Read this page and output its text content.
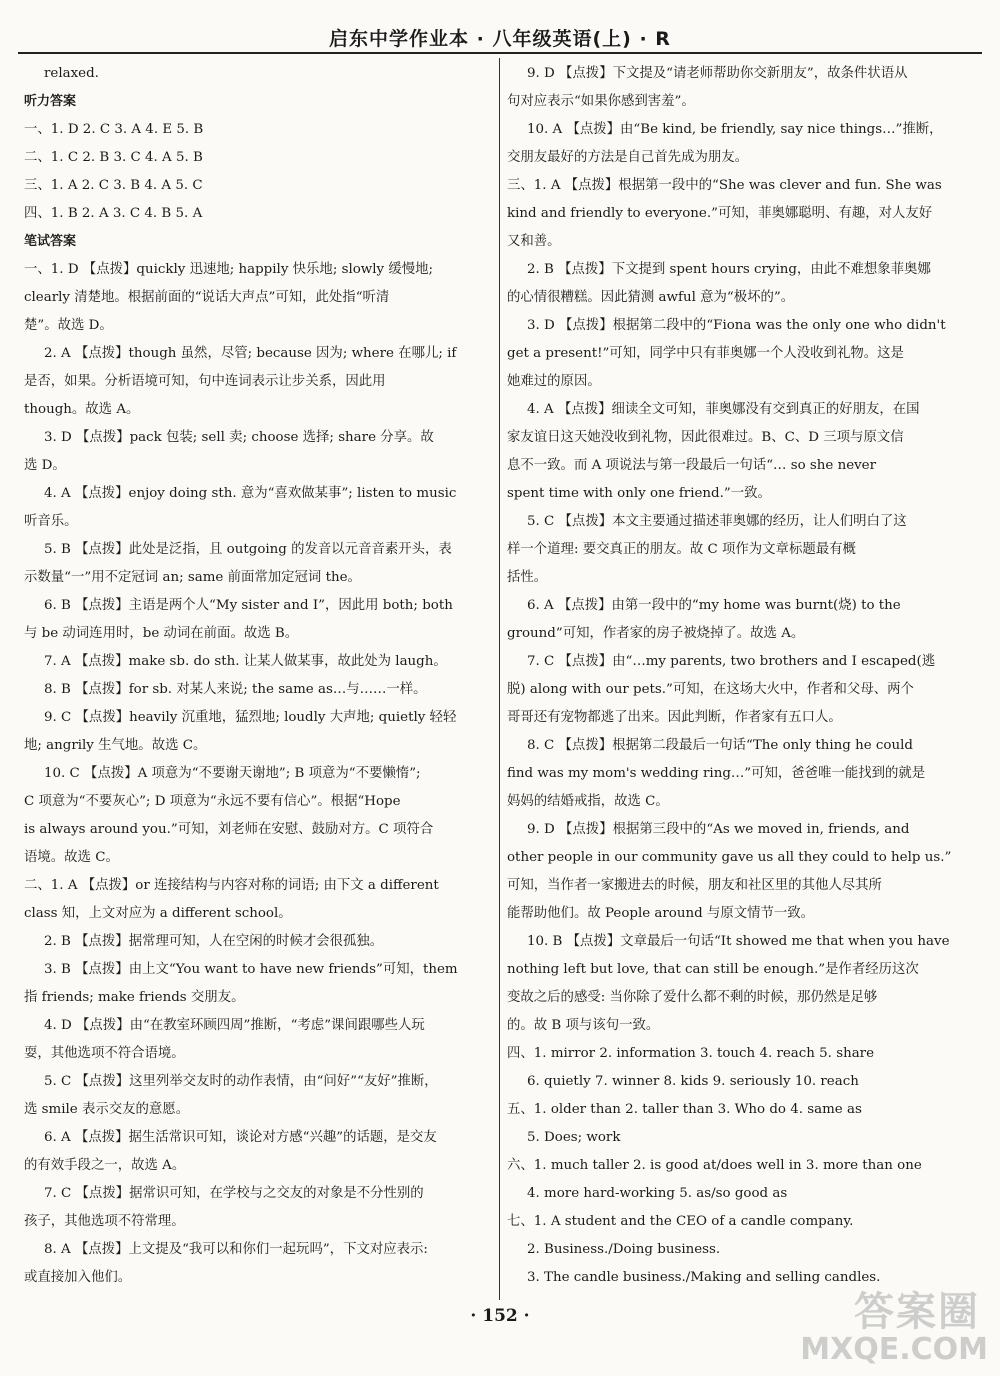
启东中学作业本 · 八年级英语(上) · R
relaxed.
听力答案
一、1. D 2. C 3. A 4. E 5. B
二、1. C 2. B 3. C 4. A 5. B
三、1. A 2. C 3. B 4. A 5. C
四、1. B 2. A 3. C 4. B 5. A
笔试答案
一、1. D 【点拨】quickly 迅速地; happily 快乐地; slowly 缓慢地;
clearly 清楚地。根据前面的“说话大声点”可知，此处指“听清
楚”。故选 D。
2. A 【点拨】though 虽然，尽管; because 因为; where 在哪儿; if
是否，如果。分析语境可知，句中连词表示让步关系，因此用
though。故选 A。
3. D 【点拨】pack 包装; sell 卖; choose 选择; share 分享。故
选 D。
4. A 【点拨】enjoy doing sth. 意为“喜欢做某事”; listen to music
听音乐。
5. B 【点拨】此处是泛指，且 outgoing 的发音以元音音素开头，表
示数量“一”用不定冠词 an; same 前面常加定冠词 the。
6. B 【点拨】主语是两个人“My sister and I”，因此用 both; both
与 be 动词连用时，be 动词在前面。故选 B。
7. A 【点拨】make sb. do sth. 让某人做某事，故此处为 laugh。
8. B 【点拨】for sb. 对某人来说; the same as…与……一样。
9. C 【点拨】heavily 沉重地，猛烈地; loudly 大声地; quietly 轻轻
地; angrily 生气地。故选 C。
10. C 【点拨】A 项意为“不要谢天谢地”; B 项意为“不要懒惰”;
C 项意为“不要灰心”; D 项意为“永远不要有信心”。根据“Hope
is always around you.”可知，刘老师在安慰、鼓励对方。C 项符合
语境。故选 C。
二、1. A 【点拨】or 连接结构与内容对称的词语; 由下文 a different
class 知，上文对应为 a different school。
2. B 【点拨】据常理可知，人在空闲的时候才会很孤独。
3. B 【点拨】由上文“You want to have new friends”可知，them
指 friends; make friends 交朋友。
4. D 【点拨】由“在教室环顾四周”推断，“考虑”课间跟哪些人玩
耍，其他选项不符合语境。
5. C 【点拨】这里列举交友时的动作表情，由“问好”“友好”推断，
选 smile 表示交友的意愿。
6. A 【点拨】据生活常识可知，谈论对方感“兴趣”的话题，是交友
的有效手段之一，故选 A。
7. C 【点拨】据常识可知，在学校与之交友的对象是不分性别的
孩子，其他选项不符常理。
8. A 【点拨】上文提及“我可以和你们一起玩吗”，下文对应表示:
或直接加入他们。
9. D 【点拨】下文提及“请老师帮助你交新朋友”，故条件状语从
句对应表示“如果你感到害羞”。
10. A 【点拨】由“Be kind, be friendly, say nice things…”推断，
交朋友最好的方法是自己首先成为朋友。
三、1. A 【点拨】根据第一段中的“She was clever and fun. She was
kind and friendly to everyone.”可知，菲奥娜聪明、有趣，对人友好
又和善。
2. B 【点拨】下文提到 spent hours crying，由此不难想象菲奥娜
的心情很糟糕。因此猜测 awful 意为“极坏的”。
3. D 【点拨】根据第二段中的“Fiona was the only one who didn't
get a present!”可知，同学中只有菲奥娜一个人没收到礼物。这是
她难过的原因。
4. A 【点拨】细读全文可知，菲奥娜没有交到真正的好朋友，在国
家友谊日这天她没收到礼物，因此很难过。B、C、D 三项与原文信
息不一致。而 A 项说法与第一段最后一句话“… so she never
spent time with only one friend.”一致。
5. C 【点拨】本文主要通过描述菲奥娜的经历，让人们明白了这
样一个道理: 要交真正的朋友。故 C 项作为文章标题最有概
括性。
6. A 【点拨】由第一段中的“my home was burnt(烧) to the
ground”可知，作者家的房子被烧掉了。故选 A。
7. C 【点拨】由“…my parents, two brothers and I escaped(逃
脱) along with our pets.”可知，在这场大火中，作者和父母、两个
哥哥还有宠物都逃了出来。因此判断，作者家有五口人。
8. C 【点拨】根据第二段最后一句话“The only thing he could
find was my mom's wedding ring…”可知，爸爸唯一能找到的就是
妈妈的结婚戒指，故选 C。
9. D 【点拨】根据第三段中的“As we moved in, friends, and
other people in our community gave us all they could to help us.”
可知，当作者一家搬进去的时候，朋友和社区里的其他人尽其所
能帮助他们。故 People around 与原文情节一致。
10. B 【点拨】文章最后一句话“It showed me that when you have
nothing left but love, that can still be enough.”是作者经历这次
变故之后的感受: 当你除了爱什么都不剩的时候，那仍然是足够
的。故 B 项与该句一致。
四、1. mirror 2. information 3. touch 4. reach 5. share
6. quietly 7. winner 8. kids 9. seriously 10. reach
五、1. older than 2. taller than 3. Who do 4. same as
5. Does; work
六、1. much taller 2. is good at/does well in 3. more than one
4. more hard-working 5. as/so good as
七、1. A student and the CEO of a candle company.
2. Business./Doing business.
3. The candle business./Making and selling candles.
· 152 ·	答案圈
MXQE.COM
